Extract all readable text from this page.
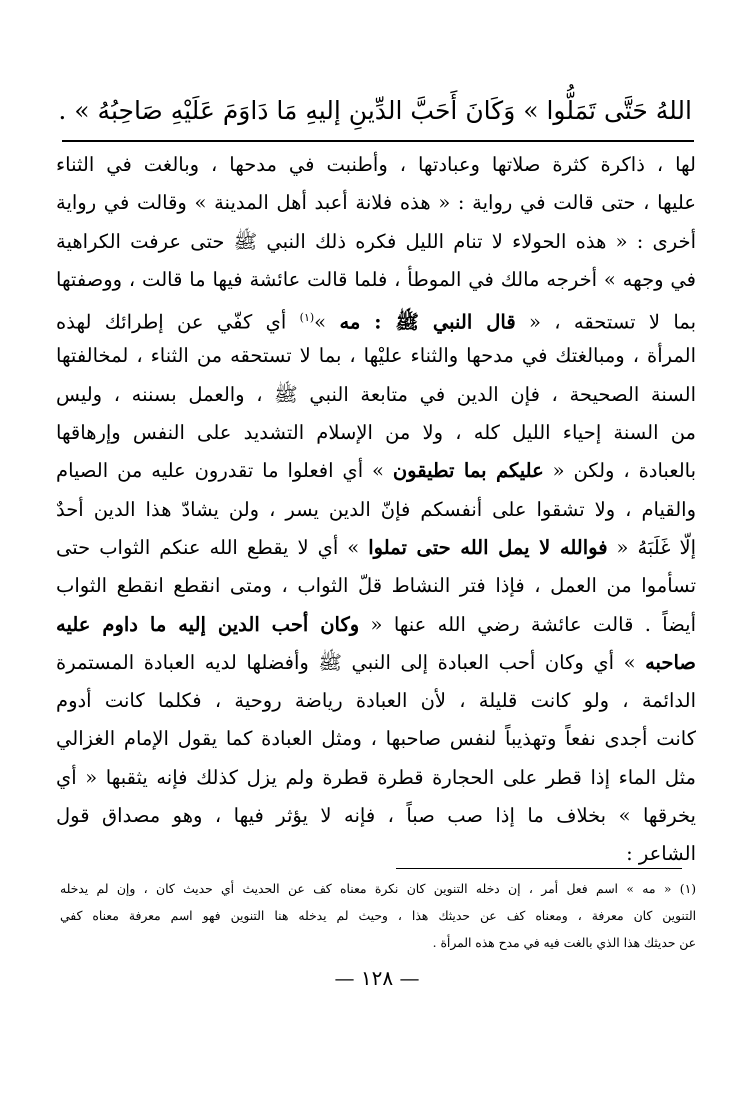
اللهُ حَتَّى تَمَلُّوا » وَكَانَ أَحَبَّ الدِّينِ إليهِ مَا دَاوَمَ عَلَيْهِ صَاحِبُهُ » .
لها ، ذاكرة كثرة صلاتها وعبادتها ، وأطنبت في مدحها ، وبالغت في الثناء
عليها ، حتى قالت في رواية : « هذه فلانة أعبد أهل المدينة » وقالت في رواية
أخرى : « هذه الحولاء لا تنام الليل فكره ذلك النبي ﷺ حتى عرفت الكراهية
في وجهه » أخرجه مالك في الموطأ ، فلما قالت عائشة فيها ما قالت ، ووصفتها
بما لا تستحقه ، « قال النبي ﷺ : مه »$^{(١)}$ أي كفّي عن إطرائك لهذه
المرأة ، ومبالغتك في مدحها والثناء عليْها ، بما لا تستحقه من الثناء ، لمخالفتها
السنة الصحيحة ، فإن الدين في متابعة النبي ﷺ ، والعمل بسننه ، وليس
من السنة إحياء الليل كله ، ولا من الإسلام التشديد على النفس وإرهاقها
بالعبادة ، ولكن « عليكم بما تطيقون » أي افعلوا ما تقدرون عليه من الصيام
والقيام ، ولا تشقوا على أنفسكم فإنّ الدين يسر ، ولن يشادّ هذا الدين أحدٌ
إلّا غَلَبَهُ « فوالله لا يمل الله حتى تملوا » أي لا يقطع الله عنكم الثواب حتى
تسأموا من العمل ، فإذا فتر النشاط قلّ الثواب ، ومتى انقطع انقطع الثواب
أيضاً . قالت عائشة رضي الله عنها « وكان أحب الدين إليه ما داوم عليه
صاحبه » أي وكان أحب العبادة إلى النبي ﷺ وأفضلها لديه العبادة المستمرة
الدائمة ، ولو كانت قليلة ، لأن العبادة رياضة روحية ، فكلما كانت أدوم
كانت أجدى نفعاً وتهذيباً لنفس صاحبها ، ومثل العبادة كما يقول الإمام الغزالي
مثل الماء إذا قطر على الحجارة قطرة قطرة ولم يزل كذلك فإنه يثقبها « أي
يخرقها » بخلاف ما إذا صب صباً ، فإنه لا يؤثر فيها ، وهو مصداق قول
الشاعر :
(١) « مه » اسم فعل أمر ، إن دخله التنوين كان نكرة معناه كف عن الحديث أي حديث كان ، وإن لم يدخله
التنوين كان معرفة ، ومعناه كف عن حديثك هذا ، وحيث لم يدخله هنا التنوين فهو اسم معرفة معناه كفي
عن حديثك هذا الذي بالغت فيه في مدح هذه المرأة .
— ١٢٨ —
